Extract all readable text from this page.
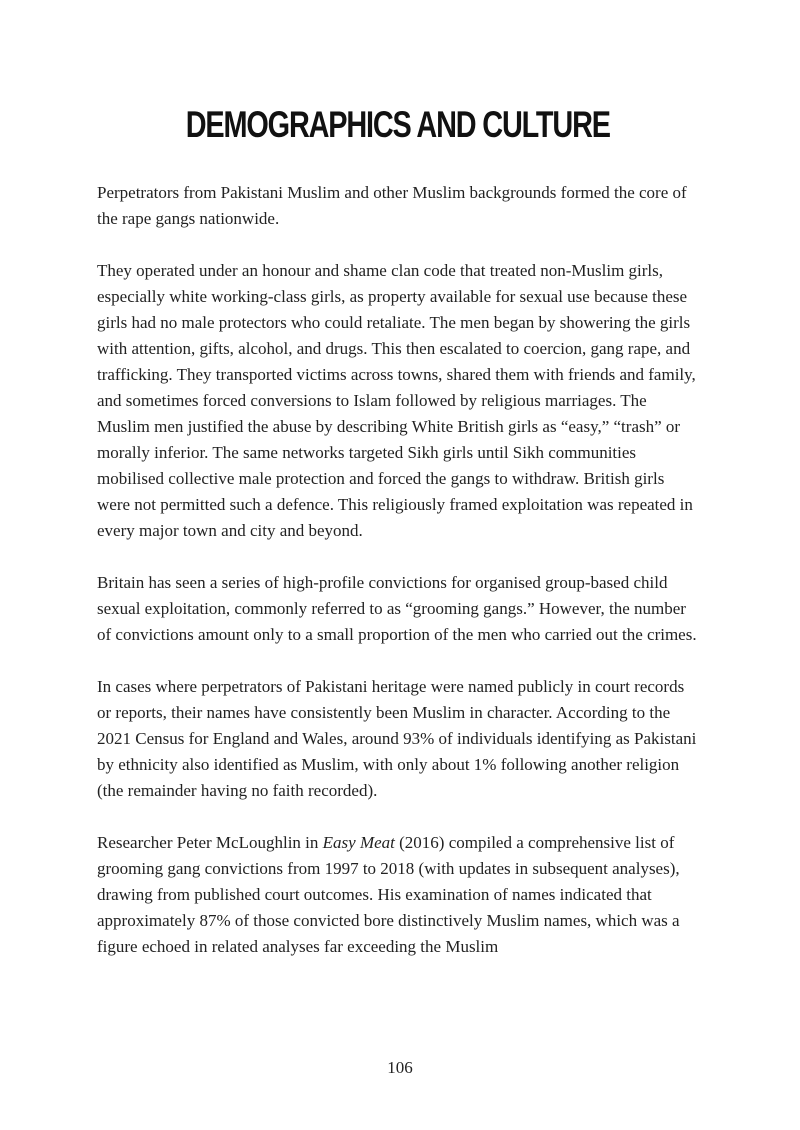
DEMOGRAPHICS AND CULTURE

Perpetrators from Pakistani Muslim and other Muslim backgrounds formed the core of the rape gangs nationwide.

They operated under an honour and shame clan code that treated non-Muslim girls, especially white working-class girls, as property available for sexual use because these girls had no male protectors who could retaliate. The men began by showering the girls with attention, gifts, alcohol, and drugs. This then escalated to coercion, gang rape, and trafficking. They transported victims across towns, shared them with friends and family, and sometimes forced conversions to Islam followed by religious marriages. The Muslim men justified the abuse by describing White British girls as “easy,” “trash” or morally inferior. The same networks targeted Sikh girls until Sikh communities mobilised collective male protection and forced the gangs to withdraw. British girls were not permitted such a defence. This religiously framed exploitation was repeated in every major town and city and beyond.

Britain has seen a series of high-profile convictions for organised group-based child sexual exploitation, commonly referred to as “grooming gangs.” However, the number of convictions amount only to a small proportion of the men who carried out the crimes.

In cases where perpetrators of Pakistani heritage were named publicly in court records or reports, their names have consistently been Muslim in character. According to the 2021 Census for England and Wales, around 93% of individuals identifying as Pakistani by ethnicity also identified as Muslim, with only about 1% following another religion (the remainder having no faith recorded).

Researcher Peter McLoughlin in Easy Meat (2016) compiled a comprehensive list of grooming gang convictions from 1997 to 2018 (with updates in subsequent analyses), drawing from published court outcomes. His examination of names indicated that approximately 87% of those convicted bore distinctively Muslim names, which was a figure echoed in related analyses far exceeding the Muslim

106
